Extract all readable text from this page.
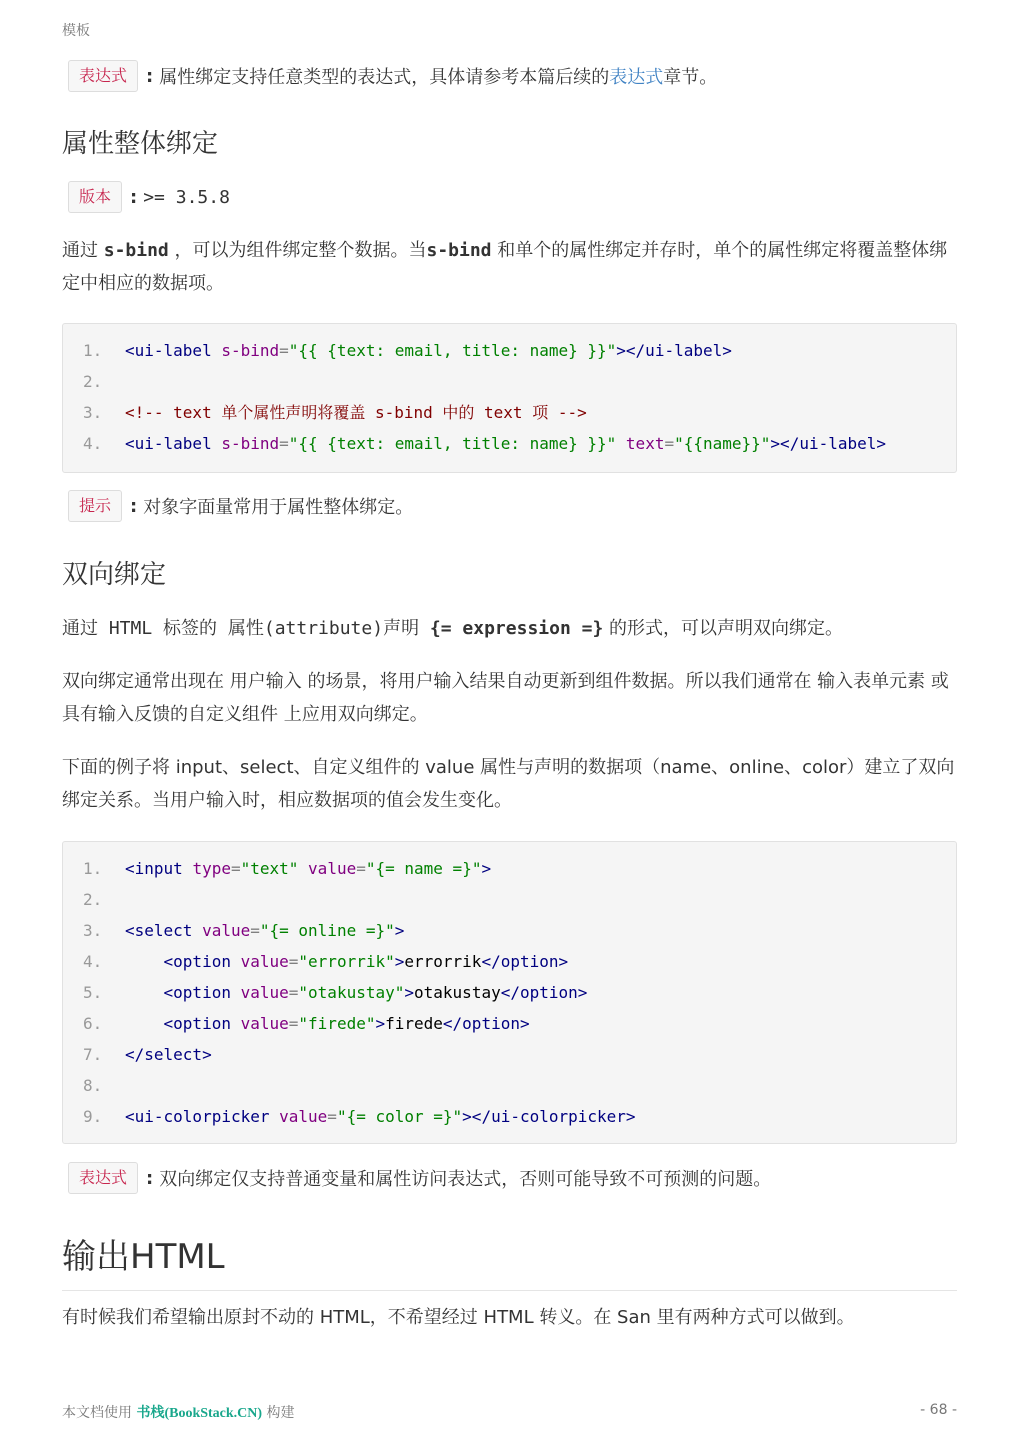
模板
表达式	: 属性绑定支持任意类型的表达式，具体请参考本篇后续的表达式章节。
属性整体绑定
版本	: >= 3.5.8
通过 s-bind ，可以为组件绑定整个数据。当s-bind 和单个的属性绑定并存时，单个的属性绑定将覆盖整体绑定中相应的数据项。
1.	<ui-label s-bind="{{ {text: email, title: name} }}"></ui-label>
2.
3.	<!-- text 单个属性声明将覆盖 s-bind 中的 text 项 -->
4.	<ui-label s-bind="{{ {text: email, title: name} }}" text="{{name}}"></ui-label>
提示	: 对象字面量常用于属性整体绑定。
双向绑定
通过 HTML 标签的 属性(attribute)声明 {= expression =} 的形式，可以声明双向绑定。
双向绑定通常出现在 用户输入 的场景，将用户输入结果自动更新到组件数据。所以我们通常在 输入表单元素 或 具有输入反馈的自定义组件 上应用双向绑定。
下面的例子将 input、select、自定义组件的 value 属性与声明的数据项（name、online、color）建立了双向绑定关系。当用户输入时，相应数据项的值会发生变化。
1.	<input type="text" value="{= name =}">
2.
3.	<select value="{= online =}">
4.	<option value="errorrik">errorrik</option>
5.	<option value="otakustay">otakustay</option>
6.	<option value="firede">firede</option>
7.	</select>
8.
9.	<ui-colorpicker value="{= color =}"></ui-colorpicker>
表达式	: 双向绑定仅支持普通变量和属性访问表达式，否则可能导致不可预测的问题。
输出HTML
有时候我们希望输出原封不动的 HTML，不希望经过 HTML 转义。在 San 里有两种方式可以做到。
本文档使用 书栈(BookStack.CN) 构建	- 68 -
